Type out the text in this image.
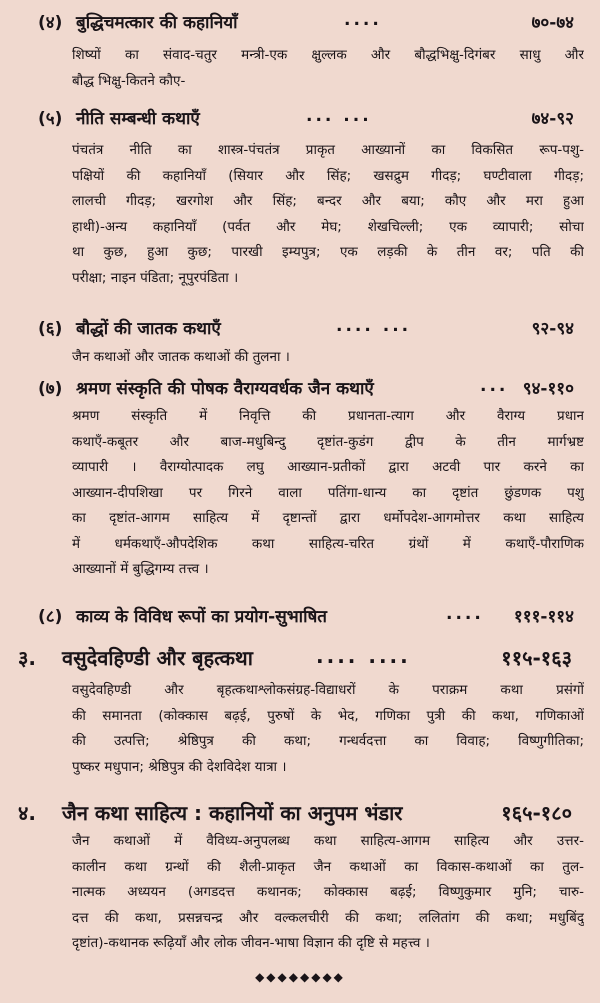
(४) बुद्धिचमत्कार की कहानियाँ	....	७०-७४
शिष्यों का संवाद-चतुर मन्त्री-एक क्षुल्लक और बौद्धभिक्षु-दिगंबर साधु और
बौद्ध भिक्षु-कितने कौए-
(५) नीति सम्बन्धी कथाएँ	... ...	७४-९२
पंचतंत्र नीति का शास्त्र-पंचतंत्र प्राकृत आख्यानों का विकसित रूप-पशु-
पक्षियों की कहानियाँ (सियार और सिंह; खसद्रुम गीदड़; घण्टीवाला गीदड़;
लालची गीदड़; खरगोश और सिंह; बन्दर और बया; कौए और मरा हुआ
हाथी)-अन्य कहानियाँ (पर्वत और मेघ; शेखचिल्ली; एक व्यापारी; सोचा
था कुछ, हुआ कुछ; पारखी इम्यपुत्र; एक लड़की के तीन वर; पति की
परीक्षा; नाइन पंडिता; नूपुरपंडिता ।
(६) बौद्धों की जातक कथाएँ	.... ...	९२-९४
जैन कथाओं और जातक कथाओं की तुलना ।
(७) श्रमण संस्कृति की पोषक वैराग्यवर्धक जैन कथाएँ	... ९४-११०
श्रमण संस्कृति में निवृत्ति की प्रधानता-त्याग और वैराग्य प्रधान
कथाएँ-कबूतर और बाज-मधुबिन्दु दृष्टांत-कुडंग द्वीप के तीन मार्गभ्रष्ट
व्यापारी । वैराग्योत्पादक लघु आख्यान-प्रतीकों द्वारा अटवी पार करने का
आख्यान-दीपशिखा पर गिरने वाला पतिंगा-धान्य का दृष्टांत छुंडणक पशु
का दृष्टांत-आगम साहित्य में दृष्टान्तों द्वारा धर्मोपदेश-आगमोत्तर कथा साहित्य
में धर्मकथाएँ-औपदेशिक कथा साहित्य-चरित ग्रंथों में कथाएँ-पौराणिक
आख्यानों में बुद्धिगम्य तत्त्व ।
(८) काव्य के विविध रूपों का प्रयोग-सुभाषित	.... १११-११४
३. वसुदेवहिण्डी और बृहत्कथा	.... ....	११५-१६३
वसुदेवहिण्डी और बृहत्कथाश्लोकसंग्रह-विद्याधरों के पराक्रम कथा प्रसंगों
की समानता (कोक्कास बढ़ई, पुरुषों के भेद, गणिका पुत्री की कथा, गणिकाओं
की उत्पत्ति; श्रेष्ठिपुत्र की कथा; गन्धर्वदत्ता का विवाह; विष्णुगीतिका;
पुष्कर मधुपान; श्रेष्ठिपुत्र की देशविदेश यात्रा ।
४. जैन कथा साहित्य : कहानियों का अनुपम भंडार	१६५-१८०
जैन कथाओं में वैविध्य-अनुपलब्ध कथा साहित्य-आगम साहित्य और उत्तर-
कालीन कथा ग्रन्थों की शैली-प्राकृत जैन कथाओं का विकास-कथाओं का तुल-
नात्मक अध्ययन (अगडदत्त कथानक; कोक्कास बढ़ई; विष्णुकुमार मुनि; चारु-
दत्त की कथा, प्रसन्नचन्द्र और वल्कलचीरी की कथा; ललितांग की कथा; मधुबिंदु
दृष्टांत)-कथानक रूढ़ियाँ और लोक जीवन-भाषा विज्ञान की दृष्टि से महत्त्व ।
◆◆◆◆◆◆◆◆
